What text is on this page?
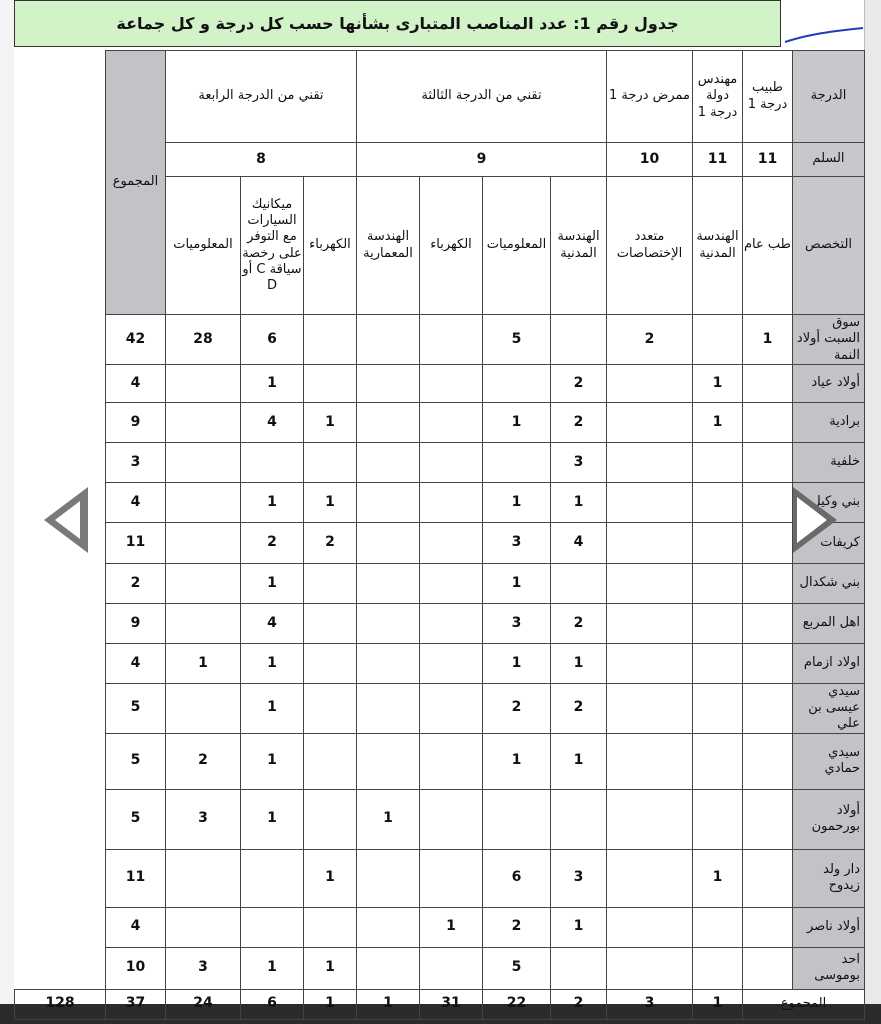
جدول رقم 1: عدد المناصب المتبارى بشأنها حسب كل درجة و كل جماعة
الدرجة	طبيب درجة 1	مهندس دولة درجة 1	ممرض درجة 1	تقني من الدرجة الثالثة				تقني من الدرجة الرابعة			المجموع	
السلم	11	11	10	9				8				
التخصص	طب عام	الهندسة المدنية	متعدد الإختصاصات	الهندسة المدنية	المعلوميات	الكهرباء	الهندسة المعمارية	الكهرباء	ميكانيك السيارات مع التوفر على رخصة سياقة C أو D	المعلوميات		
سوق السبت أولاد النمة	1		2		5				6	28	42	
أولاد عياد		1		2					1		4	
برادية		1		2	1			1	4		9	
خلفية				3							3	
بني وكيل				1	1			1	1		4	
كريفات				4	3			2	2		11	
بني شكدال					1				1		2	
اهل المربع				2	3				4		9	
اولاد ازمام				1	1				1	1	4	
سيدي عيسى بن علي				2	2				1		5	
سيدي حمادي				1	1				1	2	5	
أولاد بورحمون							1		1	3	5	
دار ولد زيدوح		1		3	6			1			11	
أولاد ناصر				1	2	1					4	
احد بوموسى					5			1	1	3	10	
المجموع		1	3	2	22	31	1	1	6	24	37	128
